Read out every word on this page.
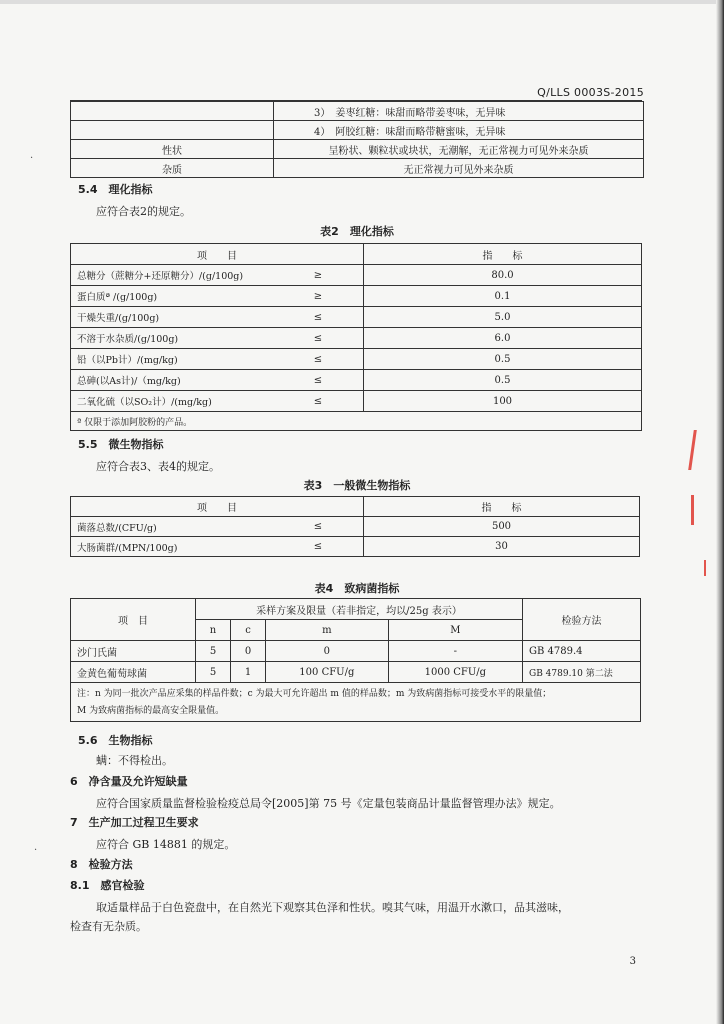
Q/LLS 0003S-2015
	3）　姜枣红糖：味甜而略带姜枣味，无异味
	4）　阿胶红糖：味甜而略带糖蜜味，无异味
性状	呈粉状、颗粒状或块状，无潮解，无正常视力可见外来杂质
杂质	无正常视力可见外来杂质
5.4　理化指标
应符合表2的规定。
表2　理化指标
项　　目		指　　标
总糖分（蔗糖分+还原糖分）/(g/100g)	≥	80.0
蛋白质ª /(g/100g)	≥	0.1
干燥失重/(g/100g)	≤	5.0
不溶于水杂质/(g/100g)	≤	6.0
铅（以Pb计）/(mg/kg)	≤	0.5
总砷(以As计)/（mg/kg)	≤	0.5
二氧化硫（以SO₂计）/(mg/kg)	≤	100
ª 仅限于添加阿胶粉的产品。		
5.5　微生物指标
应符合表3、表4的规定。
表3　一般微生物指标
项　　目		指　　标
菌落总数/(CFU/g)	≤	500
大肠菌群/(MPN/100g)	≤	30
表4　致病菌指标
项　目	采样方案及限量（若非指定，均以/25g 表示）				检验方法
	n	c	m	M	
沙门氏菌	5	0	0	-	GB 4789.4
金黄色葡萄球菌	5	1	100 CFU/g	1000 CFU/g	GB 4789.10 第二法

注：n 为同一批次产品应采集的样品件数；c 为最大可允许超出 m 值的样品数；m 为致病菌指标可接受水平的限量值；
M 为致病菌指标的最高安全限量值。					
5.6　生物指标
螨：不得检出。
6　净含量及允许短缺量
应符合国家质量监督检验检疫总局令[2005]第 75 号《定量包装商品计量监督管理办法》规定。
7　生产加工过程卫生要求
应符合 GB 14881 的规定。
8　检验方法
8.1　感官检验
取适量样品于白色瓷盘中，在自然光下观察其色泽和性状。嗅其气味，用温开水漱口，品其滋味，
检查有无杂质。
3
·
·
